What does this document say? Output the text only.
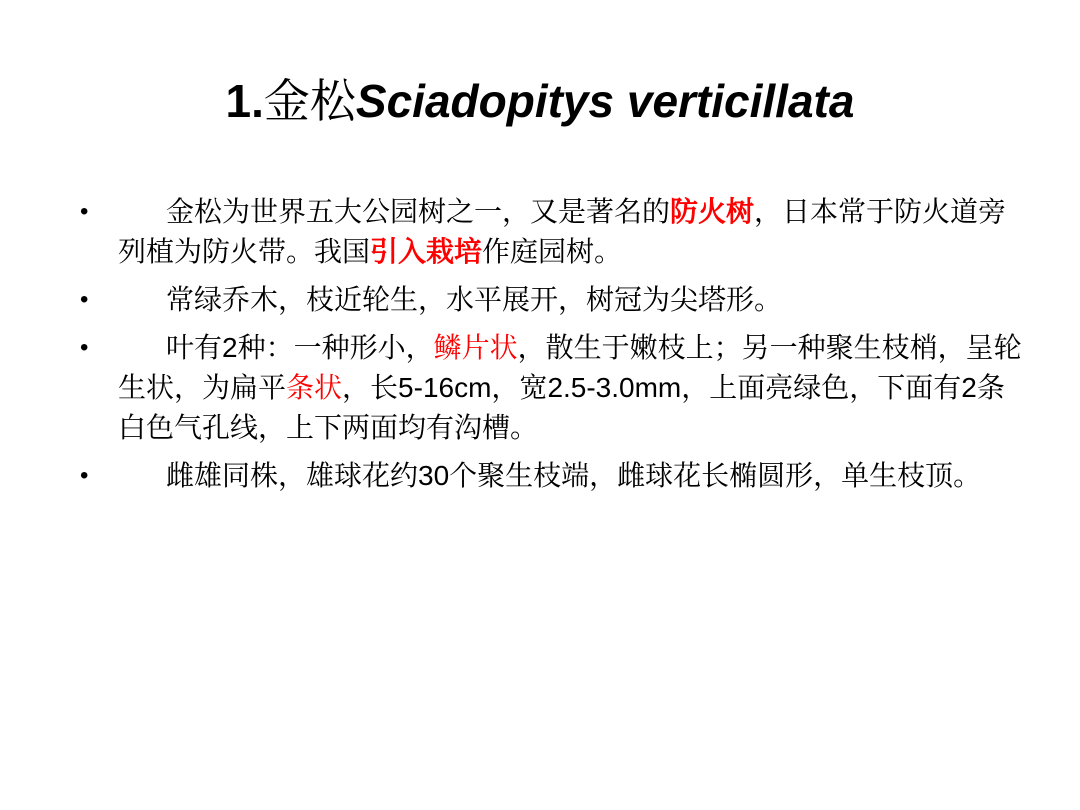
1.金松Sciadopitys verticillata
•	金松为世界五大公园树之一，又是著名的防火树，日本常于防火道旁列植为防火带。我国引入栽培作庭园树。
•	常绿乔木，枝近轮生，水平展开，树冠为尖塔形。
•	叶有2种：一种形小，鳞片状，散生于嫩枝上；另一种聚生枝梢，呈轮生状，为扁平条状，长5-16cm，宽2.5-3.0mm，上面亮绿色，下面有2条白色气孔线，上下两面均有沟槽。
•	雌雄同株，雄球花约30个聚生枝端，雌球花长椭圆形，单生枝顶。
